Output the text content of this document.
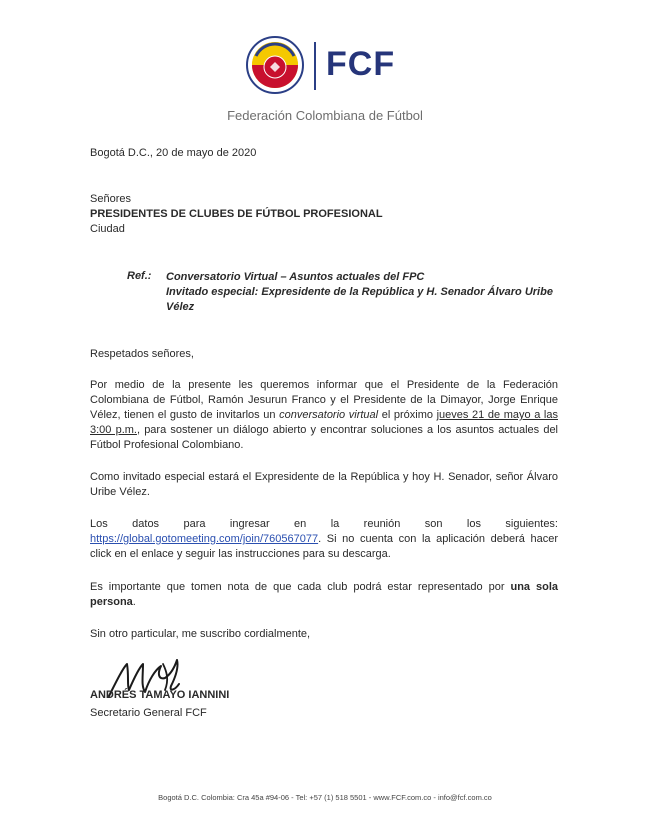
FCF
Federación Colombiana de Fútbol
Bogotá D.C., 20 de mayo de 2020
Señores
PRESIDENTES DE CLUBES DE FÚTBOL PROFESIONAL
Ciudad
Ref.: Conversatorio Virtual – Asuntos actuales del FPC
Invitado especial: Expresidente de la República y H. Senador Álvaro Uribe Vélez
Respetados señores,
Por medio de la presente les queremos informar que el Presidente de la Federación Colombiana de Fútbol, Ramón Jesurun Franco y el Presidente de la Dimayor, Jorge Enrique Vélez, tienen el gusto de invitarlos un conversatorio virtual el próximo jueves 21 de mayo a las 3:00 p.m., para sostener un diálogo abierto y encontrar soluciones a los asuntos actuales del Fútbol Profesional Colombiano.
Como invitado especial estará el Expresidente de la República y hoy H. Senador, señor Álvaro Uribe Vélez.
Los datos para ingresar en la reunión son los siguientes: https://global.gotomeeting.com/join/760567077. Si no cuenta con la aplicación deberá hacer click en el enlace y seguir las instrucciones para su descarga.
Es importante que tomen nota de que cada club podrá estar representado por una sola persona.
Sin otro particular, me suscribo cordialmente,
ANDRÉS TAMAYO IANNINI
Secretario General FCF
Bogotá D.C. Colombia: Cra 45a #94-06 - Tel: +57 (1) 518 5501 - www.FCF.com.co - info@fcf.com.co
